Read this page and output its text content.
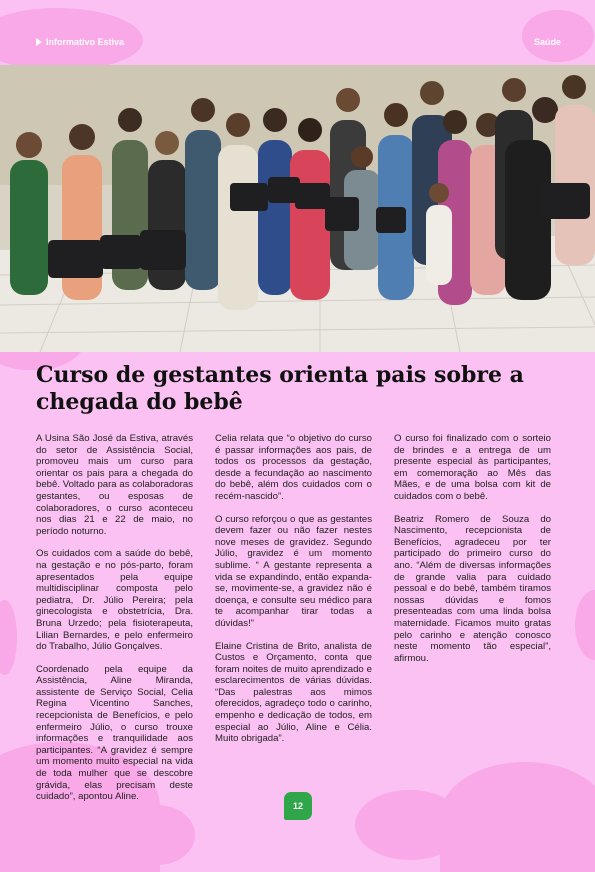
Informativo Estiva	Saúde
Curso de gestantes orienta pais sobre a chegada do bebê

A Usina São José da Estiva, através do setor de Assistência Social, promoveu mais um curso para orientar os pais para a chegada do bebê. Voltado para as colaboradoras gestantes, ou esposas de colaboradores, o curso aconteceu nos dias 21 e 22 de maio, no período noturno.

Os cuidados com a saúde do bebê, na gestação e no pós-parto, foram apresentados pela equipe multidisciplinar composta pelo pediatra, Dr. Júlio Pereira; pela ginecologista e obstetrícia, Dra. Bruna Urzedo; pela fisioterapeuta, Lilian Bernardes, e pelo enfermeiro do Trabalho, Júlio Gonçalves.

Coordenado pela equipe da Assistência, Aline Miranda, assistente de Serviço Social, Celia Regina Vicentino Sanches, recepcionista de Benefícios, e pelo enfermeiro Júlio, o curso trouxe informações e tranquilidade aos participantes. “A gravidez é sempre um momento muito especial na vida de toda mulher que se descobre grávida, elas precisam deste cuidado”, apontou Aline.

Celia relata que “o objetivo do curso é passar informações aos pais, de todos os processos da gestação, desde a fecundação ao nascimento do bebê, além dos cuidados com o recém-nascido”.

O curso reforçou o que as gestantes devem fazer ou não fazer nestes nove meses de gravidez. Segundo Júlio, gravidez é um momento sublime. “ A gestante representa a vida se expandindo, então expanda-se, movimente-se, a gravidez não é doença, e consulte seu médico para te acompanhar tirar todas a dúvidas!”

Elaine Cristina de Brito, analista de Custos e Orçamento, conta que foram noites de muito aprendizado e esclarecimentos de várias dúvidas. “Das palestras aos mimos oferecidos, agradeço todo o carinho, empenho e dedicação de todos, em especial ao Júlio, Aline e Célia. Muito obrigada”.

O curso foi finalizado com o sorteio de brindes e a entrega de um presente especial às participantes, em comemoração ao Mês das Mães, e de uma bolsa com kit de cuidados com o bebê.

Beatriz Romero de Souza do Nascimento, recepcionista de Benefícios, agradeceu por ter participado do primeiro curso do ano. “Além de diversas informações de grande valia para cuidado pessoal e do bebê, também tiramos nossas dúvidas e fomos presenteadas com uma linda bolsa maternidade. Ficamos muito gratas pelo carinho e atenção conosco neste momento tão especial”, afirmou.

12
